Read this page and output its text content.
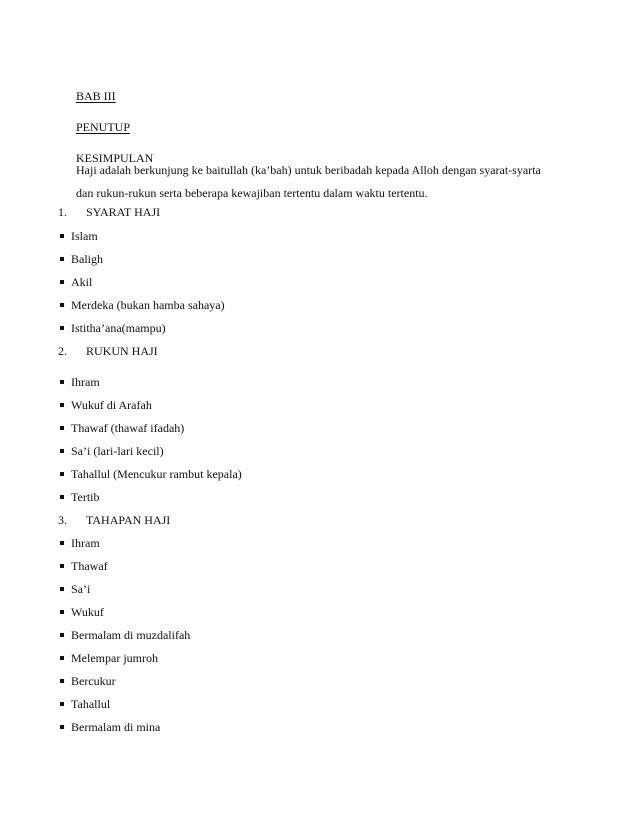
BAB III
PENUTUP
KESIMPULAN
Haji adalah berkunjung ke baitullah (ka’bah) untuk beribadah kepada Alloh dengan syarat-syarta
dan rukun-rukun serta beberapa kewajiban tertentu dalam waktu tertentu.
1. SYARAT HAJI
Islam
Baligh
Akil
Merdeka (bukan hamba sahaya)
Istitha’ana(mampu)
2. RUKUN HAJI
Ihram
Wukuf di Arafah
Thawaf (thawaf ifadah)
Sa’i (lari-lari kecil)
Tahallul (Mencukur rambut kepala)
Tertib
3. TAHAPAN HAJI
Ihram
Thawaf
Sa’i
Wukuf
Bermalam di muzdalifah
Melempar jumroh
Bercukur
Tahallul
Bermalam di mina
